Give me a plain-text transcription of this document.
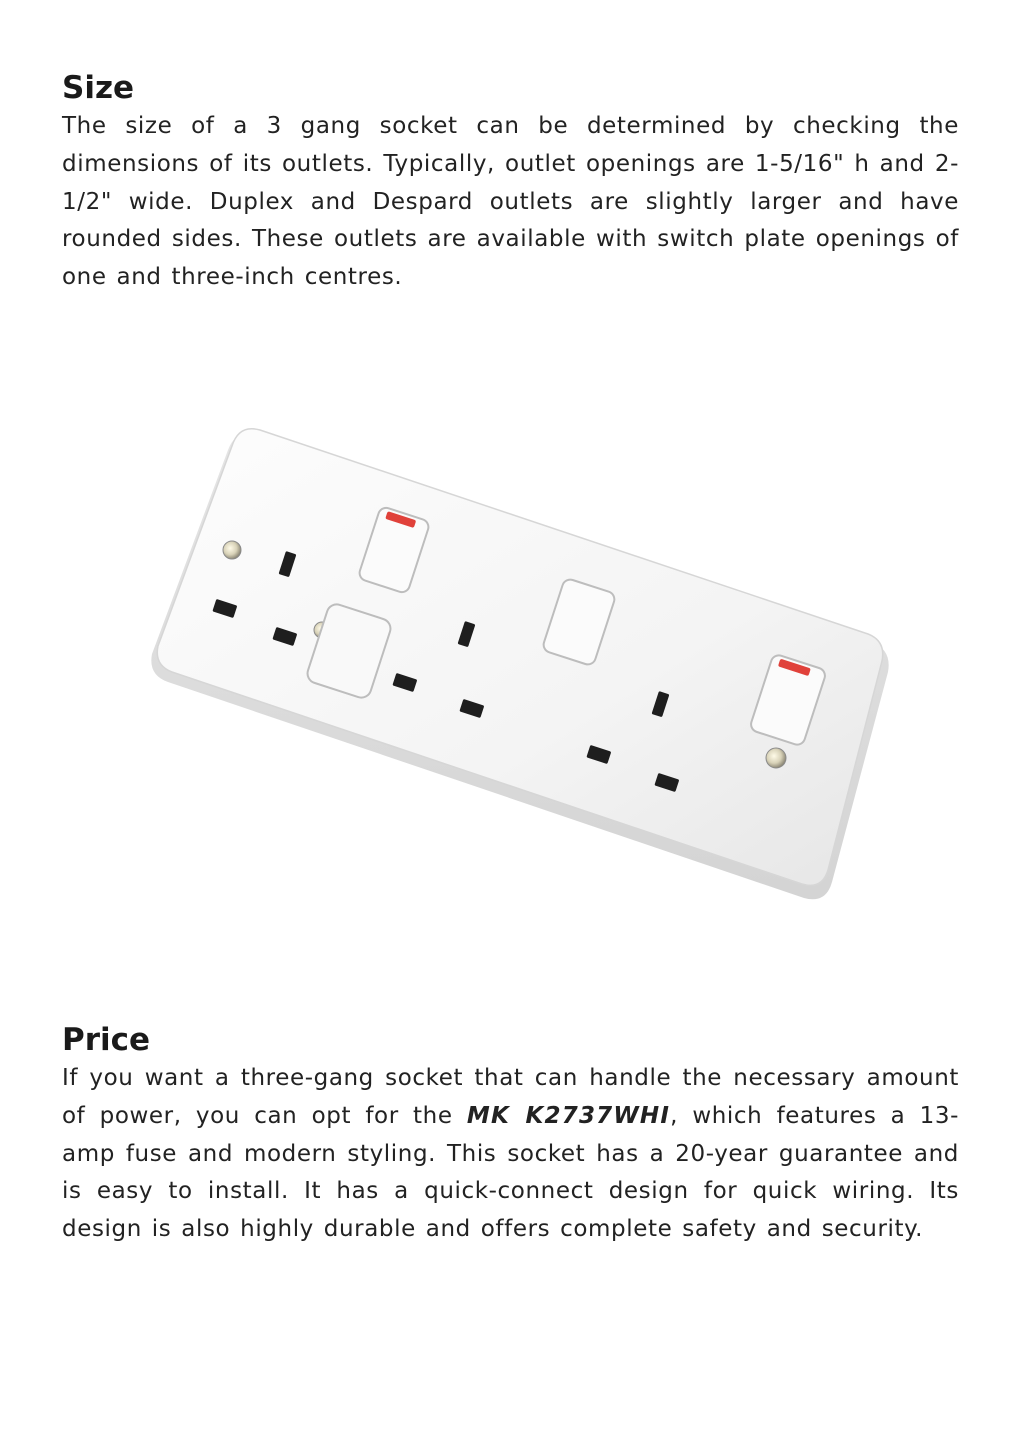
Size

The size of a 3 gang socket can be determined by checking the dimensions of its outlets. Typically, outlet openings are 1-5/16" h and 2-1/2" wide. Duplex and Despard outlets are slightly larger and have rounded sides. These outlets are available with switch plate openings of one and three-inch centres.

Price

If you want a three-gang socket that can handle the necessary amount of power, you can opt for the MK K2737WHI, which features a 13-amp fuse and modern styling. This socket has a 20-year guarantee and is easy to install. It has a quick-connect design for quick wiring. Its design is also highly durable and offers complete safety and security.
